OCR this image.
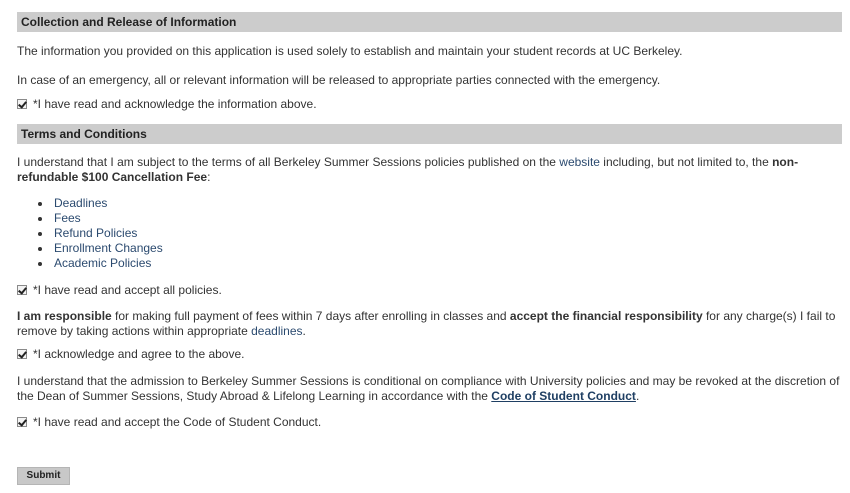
Collection and Release of Information
The information you provided on this application is used solely to establish and maintain your student records at UC Berkeley.
In case of an emergency, all or relevant information will be released to appropriate parties connected with the emergency.
*I have read and acknowledge the information above.
Terms and Conditions
I understand that I am subject to the terms of all Berkeley Summer Sessions policies published on the website including, but not limited to, the non-refundable $100 Cancellation Fee:
Deadlines
Fees
Refund Policies
Enrollment Changes
Academic Policies
*I have read and accept all policies.
I am responsible for making full payment of fees within 7 days after enrolling in classes and accept the financial responsibility for any charge(s) I fail to remove by taking actions within appropriate deadlines.
*I acknowledge and agree to the above.
I understand that the admission to Berkeley Summer Sessions is conditional on compliance with University policies and may be revoked at the discretion of the Dean of Summer Sessions, Study Abroad & Lifelong Learning in accordance with the Code of Student Conduct.
*I have read and accept the Code of Student Conduct.
Submit
